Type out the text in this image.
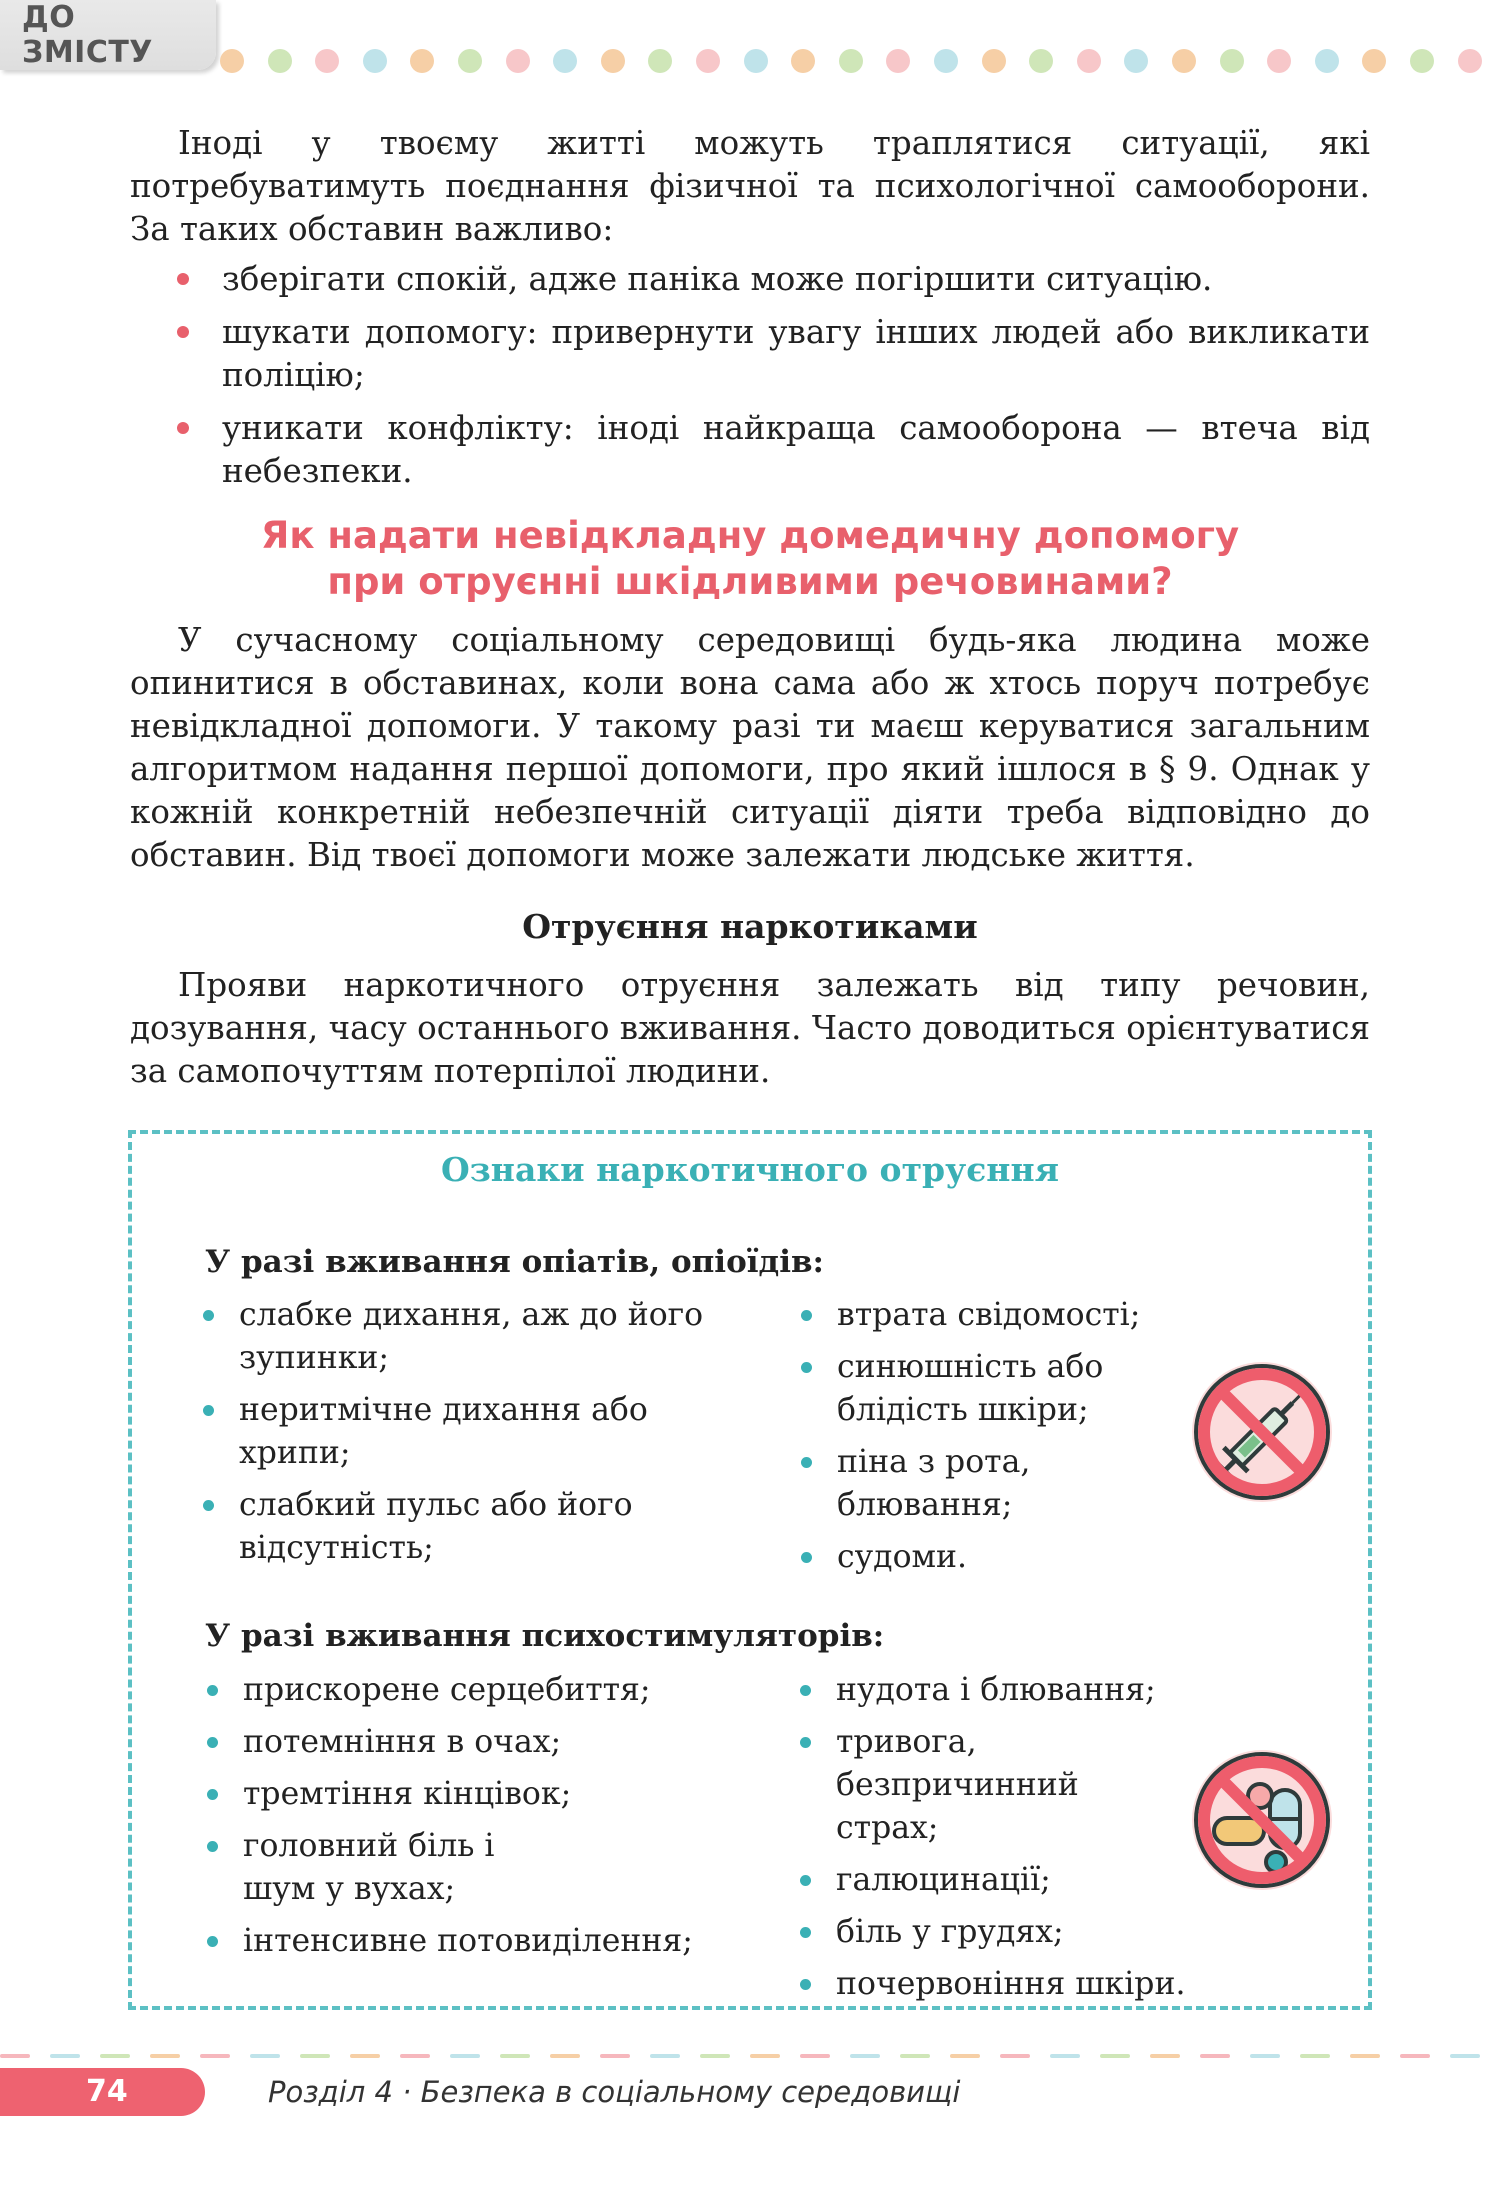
ДО ЗМІСТУ

Іноді у твоєму житті можуть траплятися ситуації, які потребуватимуть поєднання фізичної та психологічної самооборони. За таких обставин важливо:

зберігати спокій, адже паніка може погіршити ситуацію.
шукати допомогу: привернути увагу інших людей або викликати поліцію;
уникати конфлікту: іноді найкраща самооборона — втеча від небезпеки.
Як надати невідкладну домедичну допомогу
при отруєнні шкідливими речовинами?

У сучасному соціальному середовищі будь-яка людина може опинитися в обставинах, коли вона сама або ж хтось поруч потребує невідкладної допомоги. У такому разі ти маєш керуватися загальним алгоритмом надання першої допомоги, про який ішлося в § 9. Однак у кожній конкретній небезпечній ситуації діяти треба відповідно до обставин. Від твоєї допомоги може залежати людське життя.

Отруєння наркотиками

Прояви наркотичного отруєння залежать від типу речовин, дозування, часу останнього вживання. Часто доводиться орієнтуватися за самопочуттям потерпілої людини.

Ознаки наркотичного отруєння
У разі вживання опіатів, опіоїдів:
слабке дихання, аж до його зупинки;
неритмічне дихання або хрипи;
слабкий пульс або його відсутність;
втрата свідомості;
синюшність або блідість шкіри;
піна з рота, блювання;
судоми.
У разі вживання психостимуляторів:
прискорене серцебиття;
потемніння в очах;
тремтіння кінцівок;
головний біль і шум у вухах;
інтенсивне потовиділення;
нудота і блювання;
тривога, безпричинний страх;
галюцинації;
біль у грудях;
почервоніння шкіри.
74	Розділ 4 · Безпека в соціальному середовищі
